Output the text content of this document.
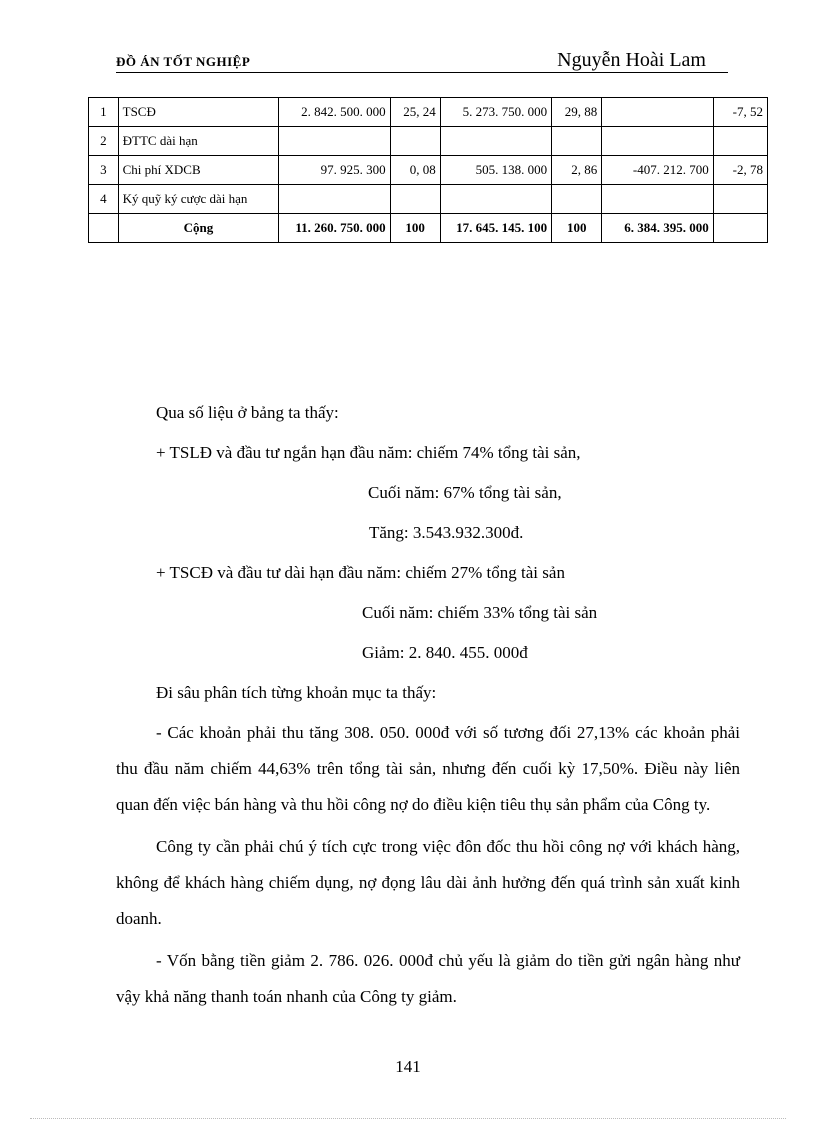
ĐỒ ÁN TỐT NGHIỆP	Nguyễn Hoài Lam
1	TSCĐ	2. 842. 500. 000	25, 24	5. 273. 750. 000	29, 88		-7, 52
2	ĐTTC dài hạn						
3	Chi phí XDCB	97. 925. 300	0, 08	505. 138. 000	2, 86	-407. 212. 700	-2, 78
4	Ký quỹ ký cược dài hạn						
	Cộng	11. 260. 750. 000	100	17. 645. 145. 100	100	6. 384. 395. 000	

Qua số liệu ở bảng ta thấy:

+ TSLĐ và đầu tư ngắn hạn đầu năm: chiếm 74% tổng tài sản,

Cuối năm: 67% tổng tài sản,

Tăng: 3.543.932.300đ.

+ TSCĐ và đầu tư dài hạn đầu năm: chiếm 27% tổng tài sản

Cuối năm: chiếm 33% tổng tài sản

Giảm: 2. 840. 455. 000đ

Đi sâu phân tích từng khoản mục ta thấy:

- Các khoản phải thu tăng 308. 050. 000đ với số tương đối 27,13% các khoản phải thu đầu năm chiếm 44,63% trên tổng tài sản, nhưng đến cuối kỳ 17,50%. Điều này liên quan đến việc bán hàng và thu hồi công nợ do điều kiện tiêu thụ sản phẩm của Công ty.

Công ty cần phải chú ý tích cực trong việc đôn đốc thu hồi công nợ với khách hàng, không để khách hàng chiếm dụng, nợ đọng lâu dài ảnh hưởng đến quá trình sản xuất kinh doanh.

- Vốn bằng tiền giảm 2. 786. 026. 000đ chủ yếu là giảm do tiền gửi ngân hàng như vậy khả năng thanh toán nhanh của Công ty giảm.

141
